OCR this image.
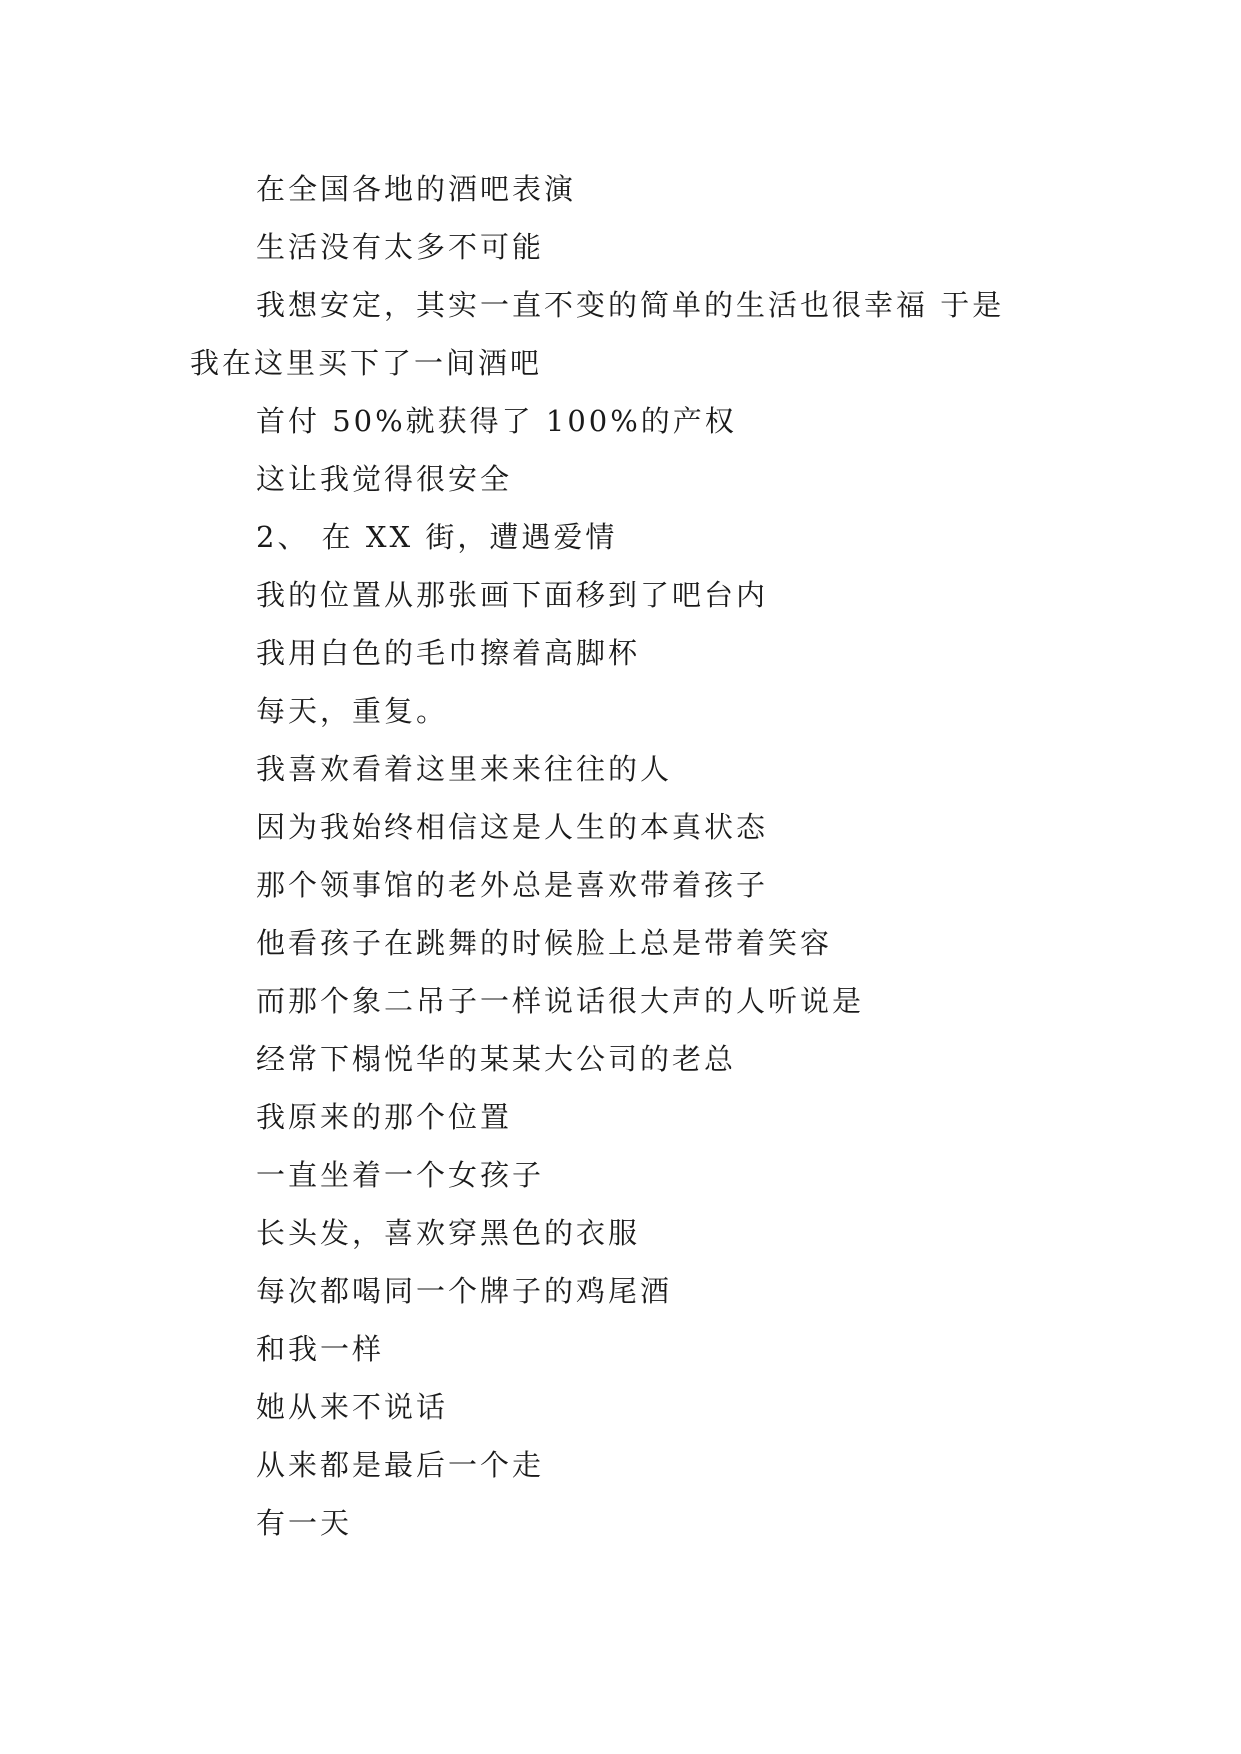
在全国各地的酒吧表演
生活没有太多不可能
我想安定，其实一直不变的简单的生活也很幸福 于是
我在这里买下了一间酒吧
首付 50%就获得了 100%的产权
这让我觉得很安全
2、 在 XX 街，遭遇爱情
我的位置从那张画下面移到了吧台内
我用白色的毛巾擦着高脚杯
每天，重复。
我喜欢看着这里来来往往的人
因为我始终相信这是人生的本真状态
那个领事馆的老外总是喜欢带着孩子
他看孩子在跳舞的时候脸上总是带着笑容
而那个象二吊子一样说话很大声的人听说是
经常下榻悦华的某某大公司的老总
我原来的那个位置
一直坐着一个女孩子
长头发，喜欢穿黑色的衣服
每次都喝同一个牌子的鸡尾酒
和我一样
她从来不说话
从来都是最后一个走
有一天
